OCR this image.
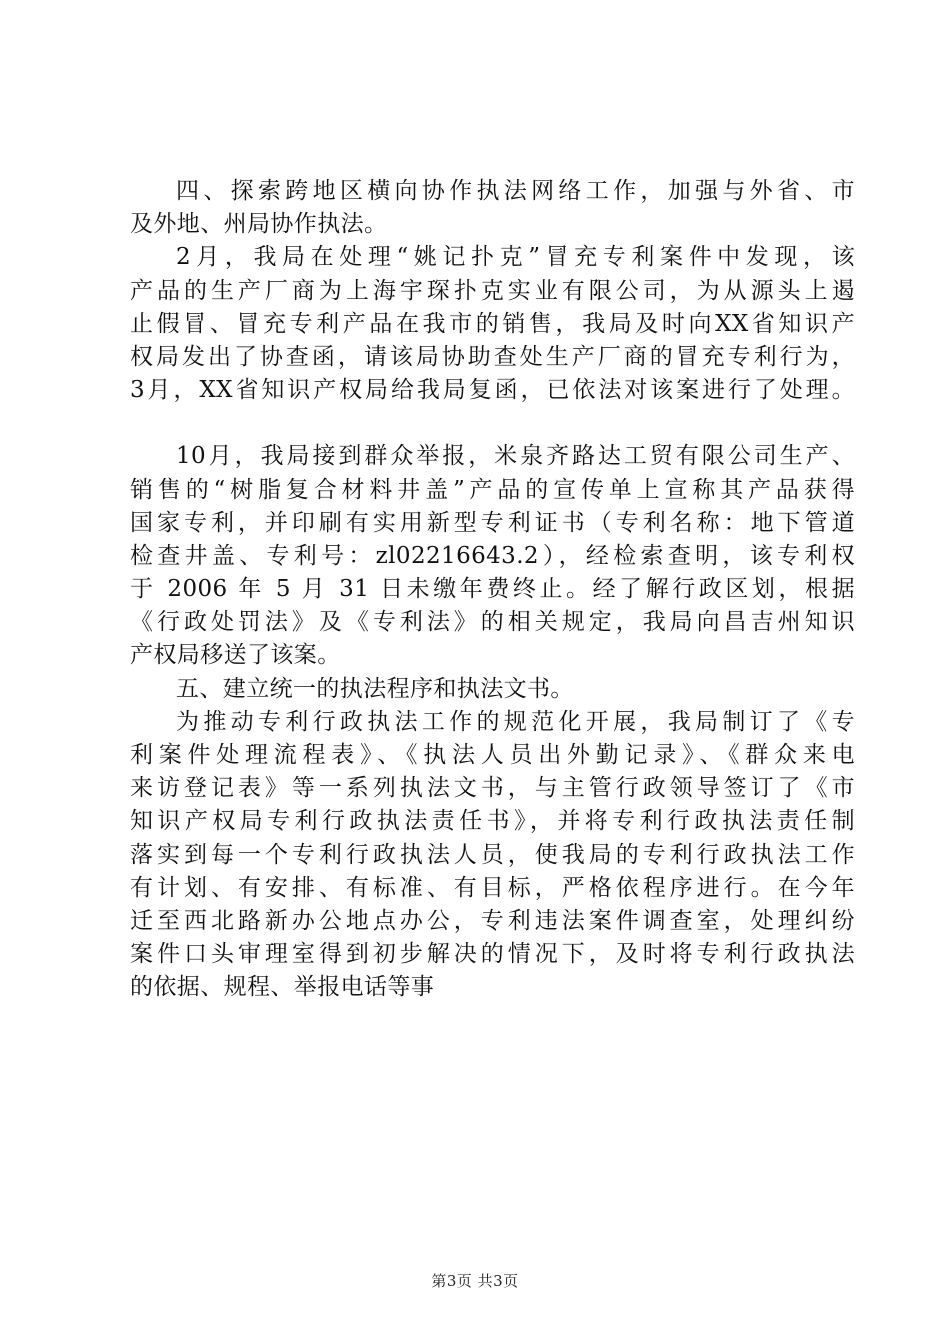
四、探索跨地区横向协作执法网络工作，加强与外省、市
及外地、州局协作执法。
2月，我局在处理“姚记扑克”冒充专利案件中发现，该
产品的生产厂商为上海宇琛扑克实业有限公司，为从源头上遏
止假冒、冒充专利产品在我市的销售，我局及时向XX省知识产
权局发出了协查函，请该局协助查处生产厂商的冒充专利行为，
3月，XX省知识产权局给我局复函，已依法对该案进行了处理。
10月，我局接到群众举报，米泉齐路达工贸有限公司生产、
销售的“树脂复合材料井盖”产品的宣传单上宣称其产品获得
国家专利，并印刷有实用新型专利证书（专利名称：地下管道
检查井盖、专利号：zl02216643.2），经检索查明，该专利权
于 2006 年 5 月 31 日未缴年费终止。经了解行政区划，根据
《行政处罚法》及《专利法》的相关规定，我局向昌吉州知识
产权局移送了该案。
五、建立统一的执法程序和执法文书。
为推动专利行政执法工作的规范化开展，我局制订了《专
利案件处理流程表》、《执法人员出外勤记录》、《群众来电
来访登记表》等一系列执法文书，与主管行政领导签订了《市
知识产权局专利行政执法责任书》，并将专利行政执法责任制
落实到每一个专利行政执法人员，使我局的专利行政执法工作
有计划、有安排、有标准、有目标，严格依程序进行。在今年
迁至西北路新办公地点办公，专利违法案件调查室，处理纠纷
案件口头审理室得到初步解决的情况下，及时将专利行政执法
的依据、规程、举报电话等事
第3页 共3页
